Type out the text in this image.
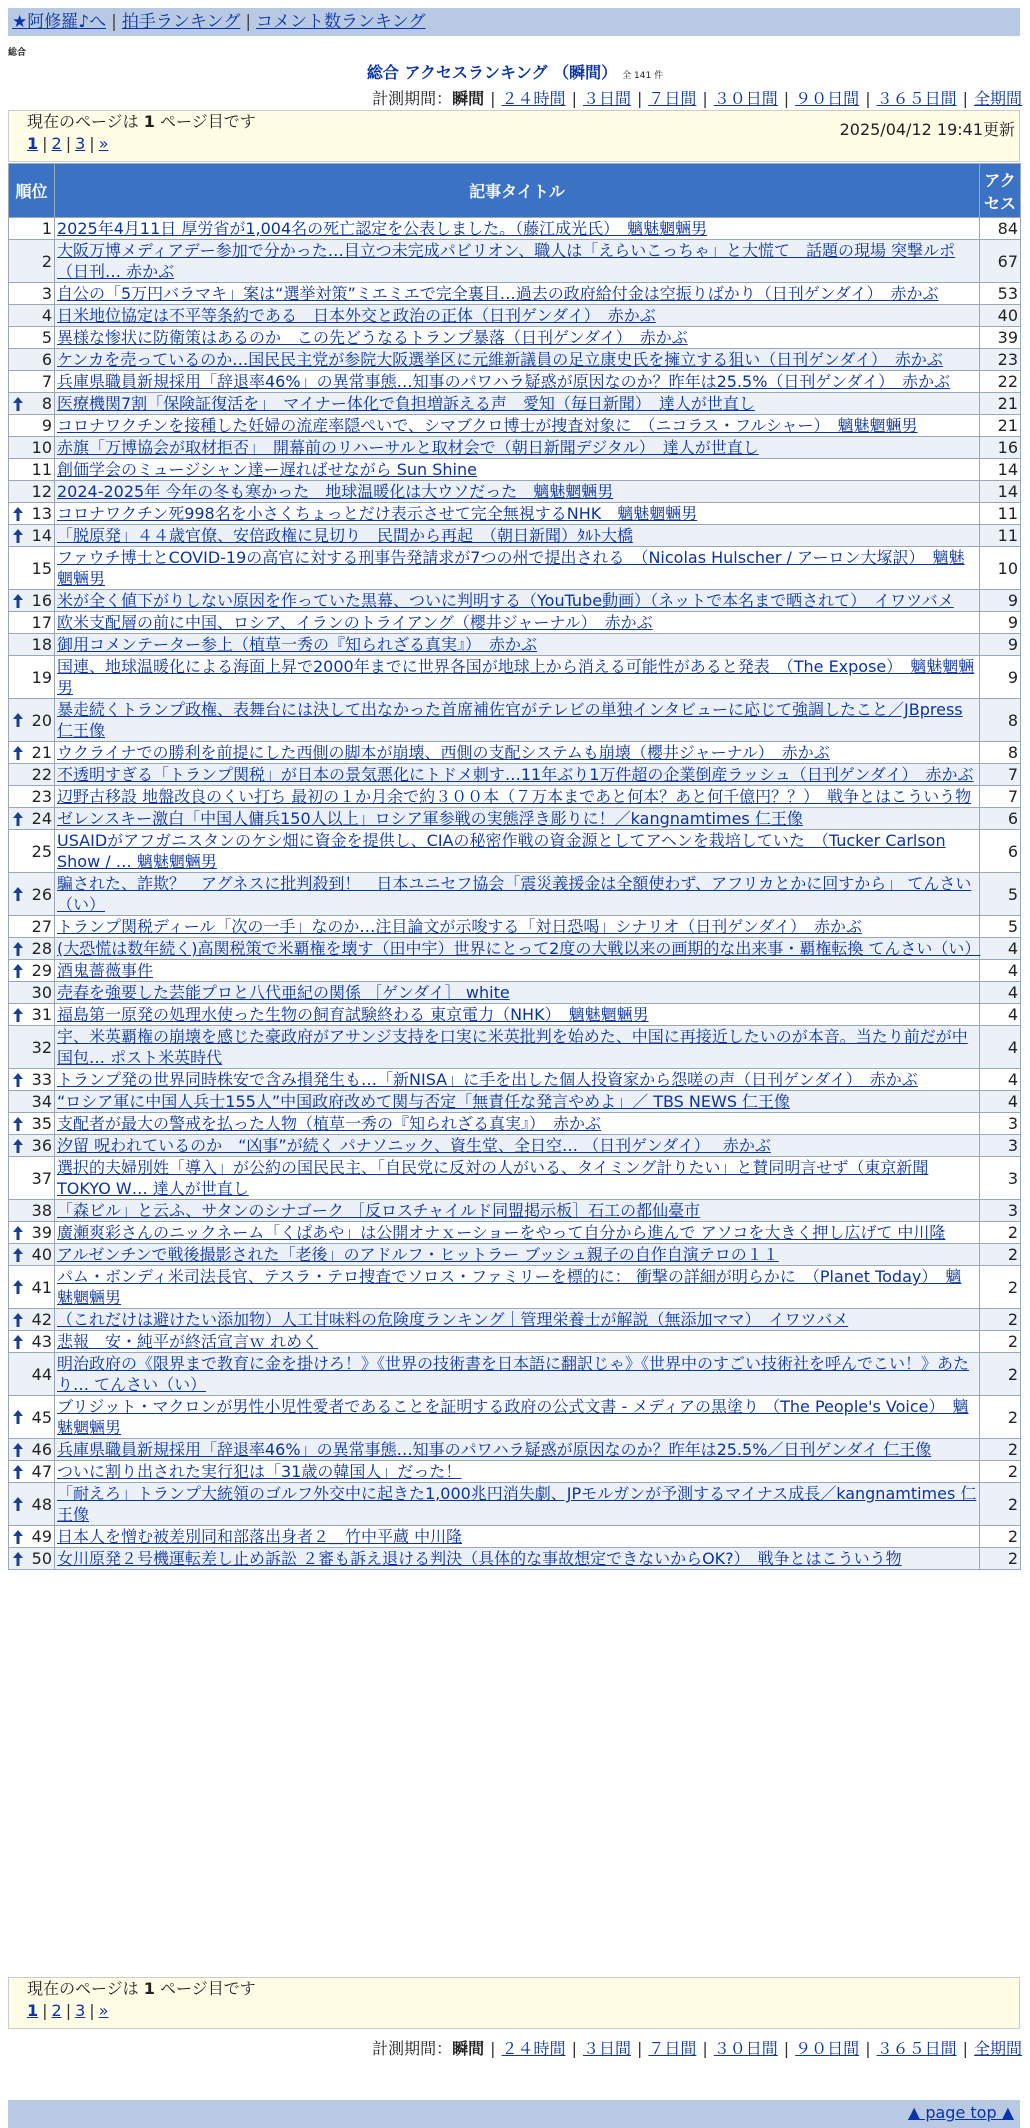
★阿修羅♪へ | 拍手ランキング | コメント数ランキング
総合
総合 アクセスランキング （瞬間） 全 141 件
計測期間：瞬間 | ２４時間 | ３日間 | ７日間 | ３０日間 | ９０日間 | ３６５日間 | 全期間
現在のページは 1 ページ目です	2025/04/12 19:41更新
1 | 2 | 3 | »
順位	記事タイトル	アクセス
1	2025年4月11日 厚労省が1,004名の死亡認定を公表しました。（藤江成光氏）　魑魅魍魎男	84
2	大阪万博メディアデー参加で分かった…目立つ未完成パビリオン、職人は「えらいこっちゃ」と大慌て　話題の現場 突撃ルポ（日刊… 赤かぶ	67
3	自公の「5万円バラマキ」案は“選挙対策”ミエミエで完全裏目…過去の政府給付金は空振りばかり（日刊ゲンダイ）　赤かぶ	53
4	日米地位協定は不平等条約である　日本外交と政治の正体（日刊ゲンダイ）　赤かぶ	40
5	異様な惨状に防衛策はあるのか　この先どうなるトランプ暴落（日刊ゲンダイ）　赤かぶ	39
6	ケンカを売っているのか…国民民主党が参院大阪選挙区に元維新議員の足立康史氏を擁立する狙い（日刊ゲンダイ）　赤かぶ	23
7	兵庫県職員新規採用「辞退率46%」の異常事態…知事のパワハラ疑惑が原因なのか？昨年は25.5%（日刊ゲンダイ）　赤かぶ	22

8	医療機関7割「保険証復活を」　マイナー体化で負担増訴える声　愛知（毎日新聞）　達人が世直し	21
9	コロナワクチンを接種した妊婦の流産率隠ぺいで、シマブクロ博士が捜査対象に　（ニコラス・フルシャー）　魑魅魍魎男	21
10	赤旗「万博協会が取材拒否」　開幕前のリハーサルと取材会で（朝日新聞デジタル）　達人が世直し	16
11	創価学会のミュージシャン達ー遅ればせながら Sun Shine	14
12	2024-2025年 今年の冬も寒かった　地球温暖化は大ウソだった　魑魅魍魎男	14

13	コロナワクチン死998名を小さくちょっとだけ表示させて完全無視するNHK　魑魅魍魎男	11

14	「脱原発」４４歳官僚、安倍政権に見切り　民間から再起　（朝日新聞）ﾀﾙﾄ大橋	11
15	ファウチ博士とCOVID-19の高官に対する刑事告発請求が7つの州で提出される　（Nicolas Hulscher / アーロン大塚訳）　魑魅魍魎男	10

16	米が全く値下がりしない原因を作っていた黒幕、ついに判明する（YouTube動画）（ネットで本名まで晒されて）　イワツバメ	9
17	欧米支配層の前に中国、ロシア、イランのトライアング（櫻井ジャーナル）　赤かぶ	9
18	御用コメンテーター参上（植草一秀の『知られざる真実』）　赤かぶ	9
19	国連、地球温暖化による海面上昇で2000年までに世界各国が地球上から消える可能性があると発表　（The Expose）　魑魅魍魎男	9

20	暴走続くトランプ政権、表舞台には決して出なかった首席補佐官がテレビの単独インタビューに応じて強調したこと／JBpress 仁王像	8

21	ウクライナでの勝利を前提にした西側の脚本が崩壊、西側の支配システムも崩壊（櫻井ジャーナル）　赤かぶ	8
22	不透明すぎる「トランプ関税」が日本の景気悪化にトドメ刺す…11年ぶり1万件超の企業倒産ラッシュ（日刊ゲンダイ）　赤かぶ	7
23	辺野古移設 地盤改良のくい打ち 最初の１か月余で約３００本（７万本まであと何本？あと何千億円？？）　戦争とはこういう物	7

24	ゼレンスキー激白「中国人傭兵150人以上」ロシア軍参戦の実態浮き彫りに！／kangnamtimes 仁王像	6
25	USAIDがアフガニスタンのケシ畑に資金を提供し、CIAの秘密作戦の資金源としてアヘンを栽培していた　（Tucker Carlson Show / … 魑魅魍魎男	6

26	騙された、詐欺？　アグネスに批判殺到！　日本ユニセフ協会「震災義援金は全額使わず、アフリカとかに回すから」 てんさい（い）	5
27	トランプ関税ディール「次の一手」なのか…注目論文が示唆する「対日恐喝」シナリオ（日刊ゲンダイ）　赤かぶ	5

28	(大恐慌は数年続く)高関税策で米覇権を壊す（田中宇）世界にとって2度の大戦以来の画期的な出来事・覇権転換 てんさい（い）	4

29	酒鬼薔薇事件	4
30	売春を強要した芸能プロと八代亜紀の関係 ［ゲンダイ］ white	4

31	福島第一原発の処理水使った生物の飼育試験終わる 東京電力（NHK）　魑魅魍魎男	4
32	宇、米英覇権の崩壊を感じた豪政府がアサンジ支持を口実に米英批判を始めた、中国に再接近したいのが本音。当たり前だが中国包… ポスト米英時代	4

33	トランプ発の世界同時株安で含み損発生も…「新NISA」に手を出した個人投資家から怨嗟の声（日刊ゲンダイ）　赤かぶ	4
34	“ロシア軍に中国人兵士155人”中国政府改めて関与否定「無責任な発言やめよ」／ TBS NEWS 仁王像	4

35	支配者が最大の警戒を払った人物（植草一秀の『知られざる真実』）　赤かぶ	3

36	汐留 呪われているのか　“凶事”が続く パナソニック、資生堂、全日空… （日刊ゲンダイ）　 赤かぶ	3
37	選択的夫婦別姓「導入」が公約の国民民主、「自民党に反対の人がいる、タイミング計りたい」と賛同明言せず（東京新聞TOKYO W… 達人が世直し	3
38	「森ビル」と云ふ、サタンのシナゴーク ［反ロスチャイルド同盟掲示板］石工の都仙臺市	3

39	廣瀬爽彩さんのニックネーム「くぱあや」は公開オナｘーショーをやって自分から進んで アソコを大きく押し広げて 中川隆	2

40	アルゼンチンで戦後撮影された「老後」のアドルフ・ヒットラー ブッシュ親子の自作自演テロの１１	2

41	パム・ボンディ米司法長官、テスラ・テロ捜査でソロス・ファミリーを標的に： 衝撃の詳細が明らかに　（Planet Today）　魑魅魍魎男	2

42	（これだけは避けたい添加物）人工甘味料の危険度ランキング｜管理栄養士が解説（無添加ママ）　イワツバメ	2

43	悲報　安・純平が終活宣言ｗ れめく	2
44	明治政府の《限界まで教育に金を掛けろ！》《世界の技術書を日本語に翻訳じゃ》《世界中のすごい技術社を呼んでこい！》あたり… てんさい（い）	2

45	ブリジット・マクロンが男性小児性愛者であることを証明する政府の公式文書 - メディアの黒塗り （The People's Voice）　魑魅魍魎男	2

46	兵庫県職員新規採用「辞退率46%」の異常事態…知事のパワハラ疑惑が原因なのか？昨年は25.5%／日刊ゲンダイ 仁王像	2

47	ついに割り出された実行犯は「31歳の韓国人」だった！	2

48	「耐えろ」トランプ大統領のゴルフ外交中に起きた1,000兆円消失劇、JPモルガンが予測するマイナス成長／kangnamtimes 仁王像	2

49	日本人を憎む被差別同和部落出身者２＿竹中平蔵 中川隆	2

50	女川原発２号機運転差し止め訴訟 ２審も訴え退ける判決（具体的な事故想定できないからOK?）　戦争とはこういう物	2
現在のページは 1 ページ目です
1 | 2 | 3 | »
計測期間：瞬間 | ２４時間 | ３日間 | ７日間 | ３０日間 | ９０日間 | ３６５日間 | 全期間
▲ page top ▲
